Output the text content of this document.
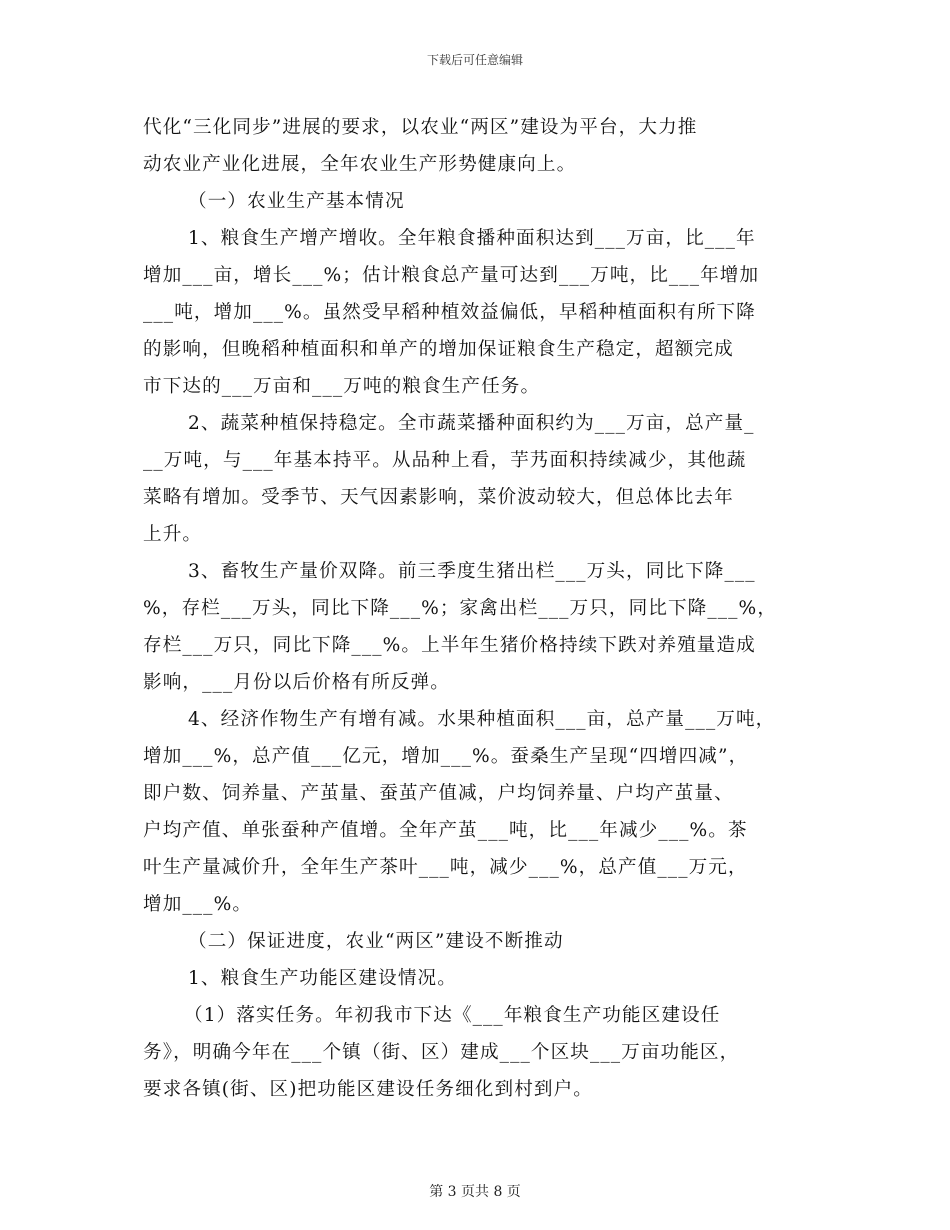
下载后可任意编辑
代化“三化同步”进展的要求，以农业“两区”建设为平台，大力推
动农业产业化进展，全年农业生产形势健康向上。
（一）农业生产基本情况
1、粮食生产增产增收。全年粮食播种面积达到___万亩，比___年
增加___亩，增长___%；估计粮食总产量可达到___万吨，比___年增加
___吨，增加___%。虽然受早稻种植效益偏低，早稻种植面积有所下降
的影响，但晚稻种植面积和单产的增加保证粮食生产稳定，超额完成
市下达的___万亩和___万吨的粮食生产任务。
2、蔬菜种植保持稳定。全市蔬菜播种面积约为___万亩，总产量_
__万吨，与___年基本持平。从品种上看，芋艿面积持续减少，其他蔬
菜略有增加。受季节、天气因素影响，菜价波动较大，但总体比去年
上升。
3、畜牧生产量价双降。前三季度生猪出栏___万头，同比下降___
%，存栏___万头，同比下降___%；家禽出栏___万只，同比下降___%，
存栏___万只，同比下降___%。上半年生猪价格持续下跌对养殖量造成
影响，___月份以后价格有所反弹。
4、经济作物生产有增有减。水果种植面积___亩，总产量___万吨，
增加___%，总产值___亿元，增加___%。蚕桑生产呈现“四增四减”，
即户数、饲养量、产茧量、蚕茧产值减，户均饲养量、户均产茧量、
户均产值、单张蚕种产值增。全年产茧___吨，比___年减少___%。茶
叶生产量减价升，全年生产茶叶___吨，减少___%，总产值___万元，
增加___%。
（二）保证进度，农业“两区”建设不断推动
1、粮食生产功能区建设情况。
（1）落实任务。年初我市下达《___年粮食生产功能区建设任
务》，明确今年在___个镇（街、区）建成___个区块___万亩功能区，
要求各镇(街、区)把功能区建设任务细化到村到户。
第 3 页共 8 页
